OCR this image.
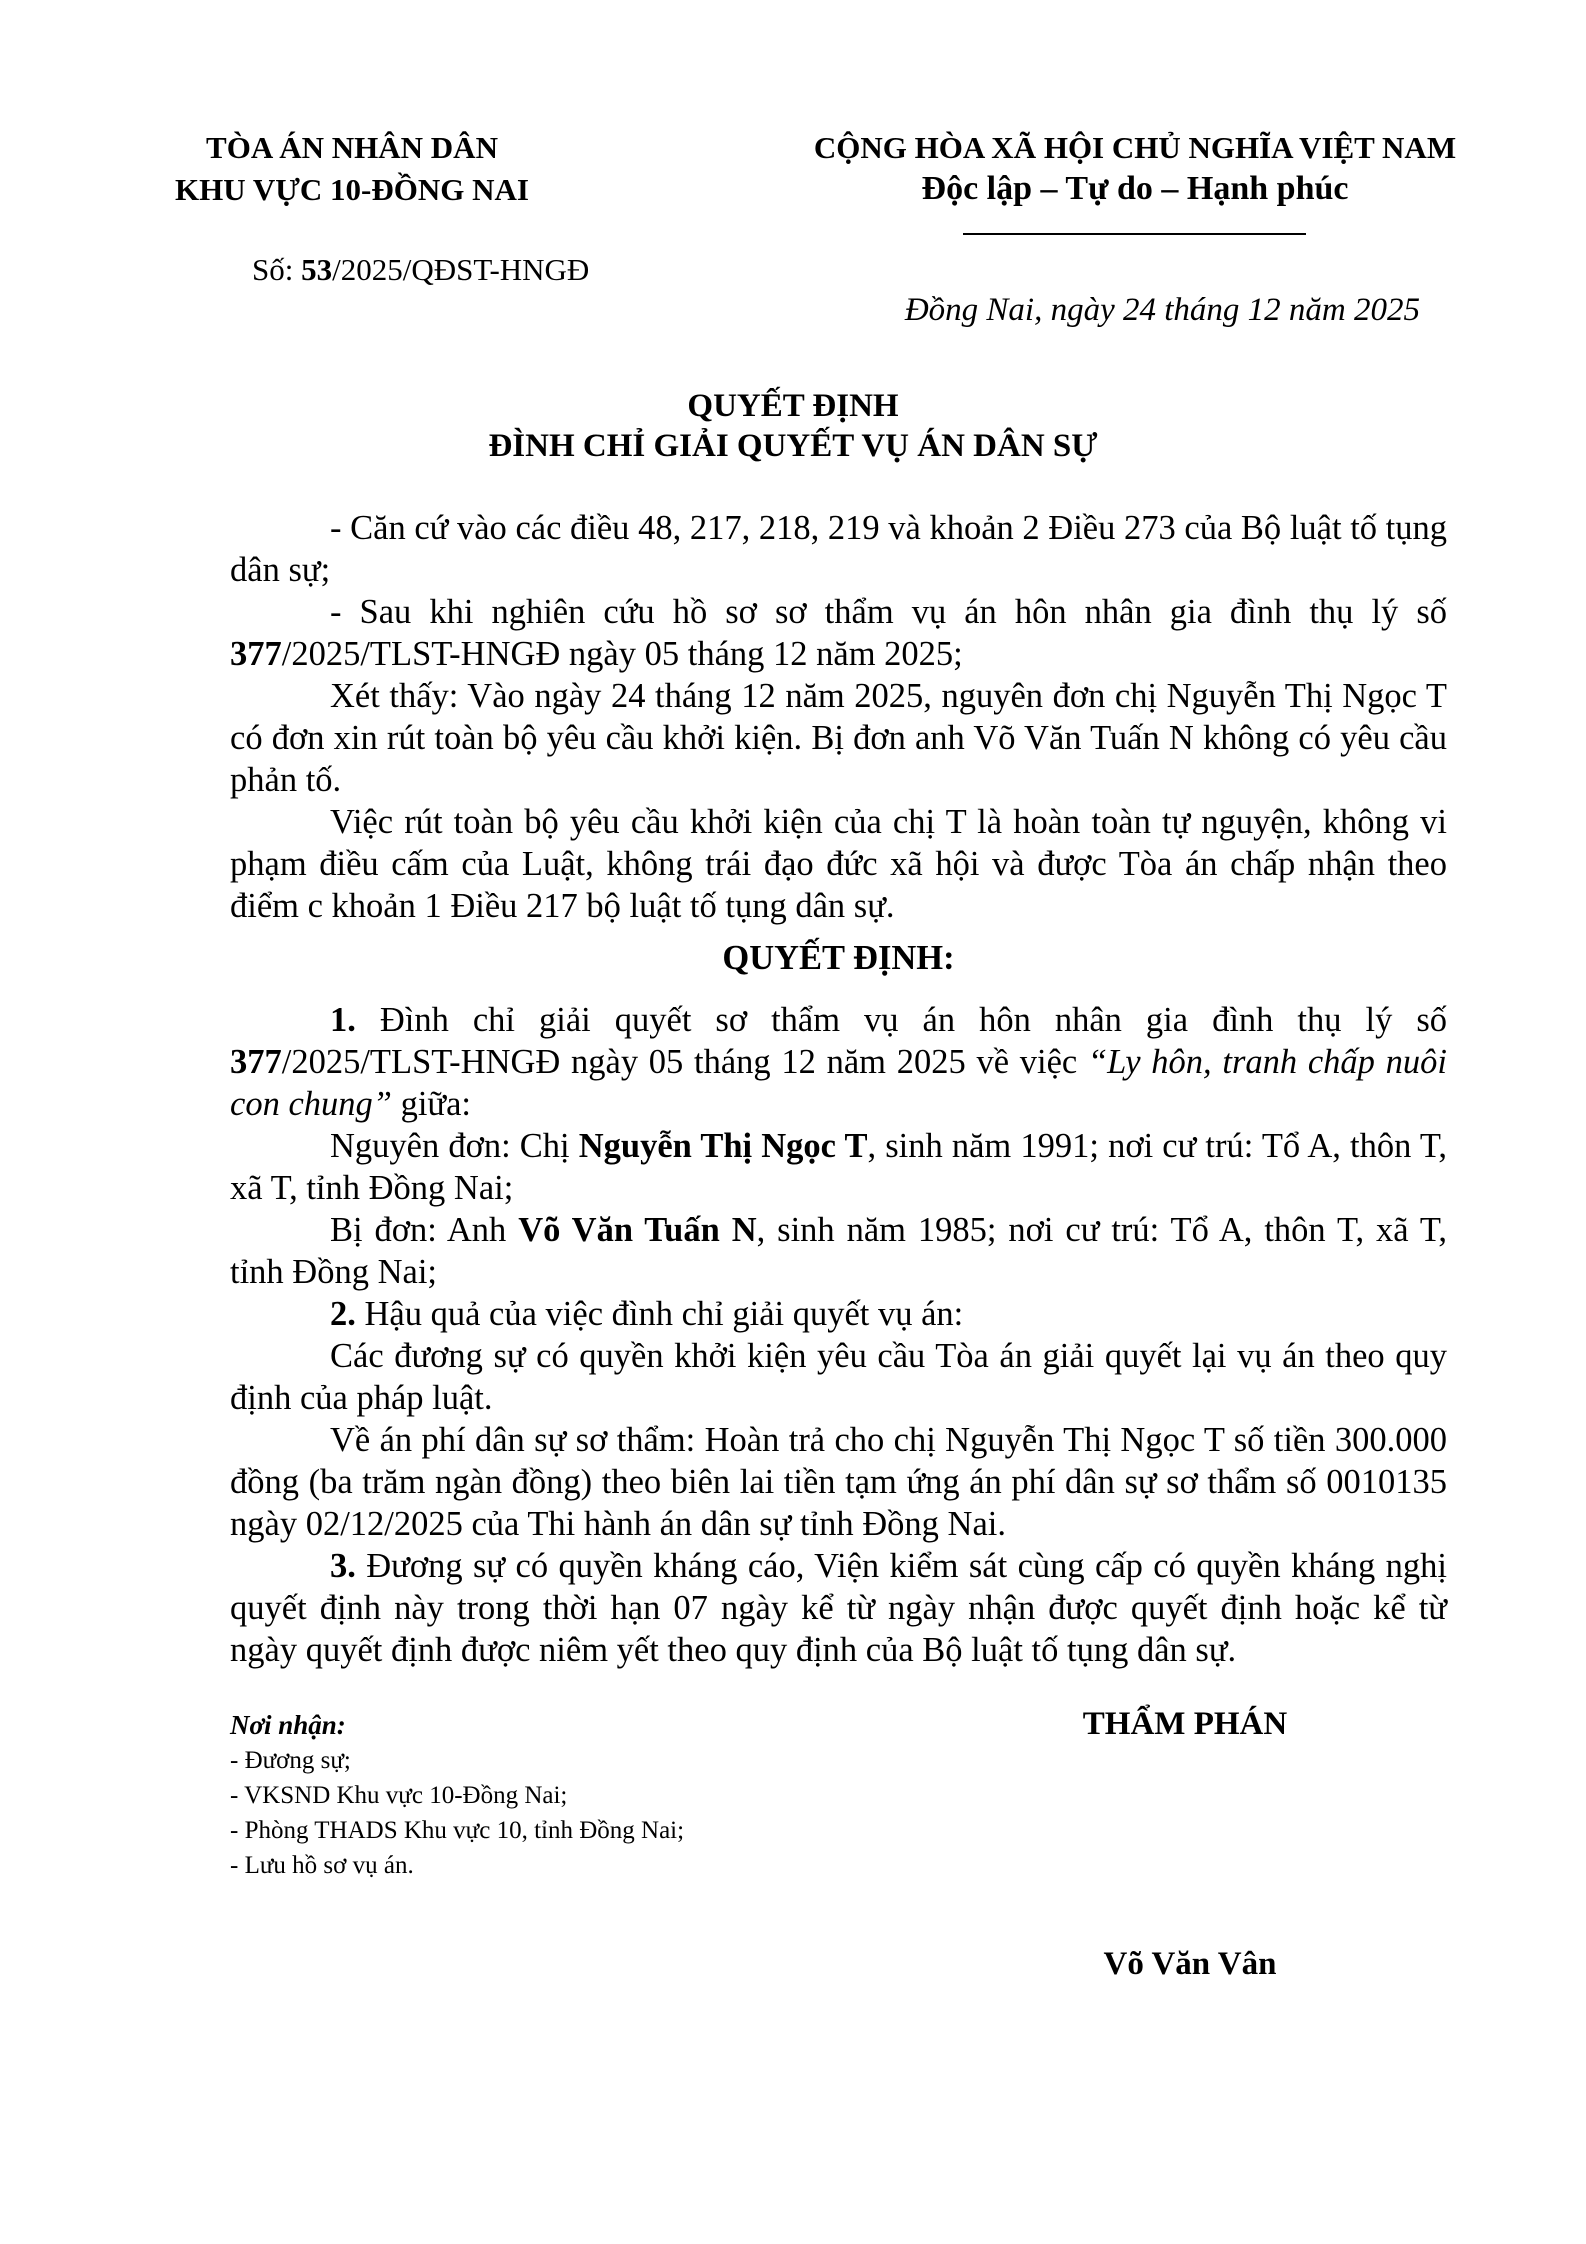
TÒA ÁN NHÂN DÂN
KHU VỰC 10-ĐỒNG NAI
CỘNG HÒA XÃ HỘI CHỦ NGHĨA VIỆT NAM
Độc lập – Tự do – Hạnh phúc
Số: 53/2025/QĐST-HNGĐ
Đồng Nai, ngày 24 tháng 12 năm 2025
QUYẾT ĐỊNH
ĐÌNH CHỈ GIẢI QUYẾT VỤ ÁN DÂN SỰ

- Căn cứ vào các điều 48, 217, 218, 219 và khoản 2 Điều 273 của Bộ luật tố tụng dân sự;

- Sau khi nghiên cứu hồ sơ sơ thẩm vụ án hôn nhân gia đình thụ lý số 377/2025/TLST-HNGĐ ngày 05 tháng 12 năm 2025;

Xét thấy: Vào ngày 24 tháng 12 năm 2025, nguyên đơn chị Nguyễn Thị Ngọc T có đơn xin rút toàn bộ yêu cầu khởi kiện. Bị đơn anh Võ Văn Tuấn N không có yêu cầu phản tố.

Việc rút toàn bộ yêu cầu khởi kiện của chị T là hoàn toàn tự nguyện, không vi phạm điều cấm của Luật, không trái đạo đức xã hội và được Tòa án chấp nhận theo điểm c khoản 1 Điều 217 bộ luật tố tụng dân sự.

QUYẾT ĐỊNH:

1. Đình chỉ giải quyết sơ thẩm vụ án hôn nhân gia đình thụ lý số 377/2025/TLST-HNGĐ ngày 05 tháng 12 năm 2025 về việc “Ly hôn, tranh chấp nuôi con chung” giữa:

Nguyên đơn: Chị Nguyễn Thị Ngọc T, sinh năm 1991; nơi cư trú: Tổ A, thôn T, xã T, tỉnh Đồng Nai;

Bị đơn: Anh Võ Văn Tuấn N, sinh năm 1985; nơi cư trú: Tổ A, thôn T, xã T, tỉnh Đồng Nai;

2. Hậu quả của việc đình chỉ giải quyết vụ án:

Các đương sự có quyền khởi kiện yêu cầu Tòa án giải quyết lại vụ án theo quy định của pháp luật.

Về án phí dân sự sơ thẩm: Hoàn trả cho chị Nguyễn Thị Ngọc T số tiền 300.000 đồng (ba trăm ngàn đồng) theo biên lai tiền tạm ứng án phí dân sự sơ thẩm số 0010135 ngày 02/12/2025 của Thi hành án dân sự tỉnh Đồng Nai.

3. Đương sự có quyền kháng cáo, Viện kiểm sát cùng cấp có quyền kháng nghị quyết định này trong thời hạn 07 ngày kể từ ngày nhận được quyết định hoặc kể từ ngày quyết định được niêm yết theo quy định của Bộ luật tố tụng dân sự.

Nơi nhận:
- Đương sự;
- VKSND Khu vực 10-Đồng Nai;
- Phòng THADS Khu vực 10, tỉnh Đồng Nai;
- Lưu hồ sơ vụ án.
THẨM PHÁN
Võ Văn Vân
